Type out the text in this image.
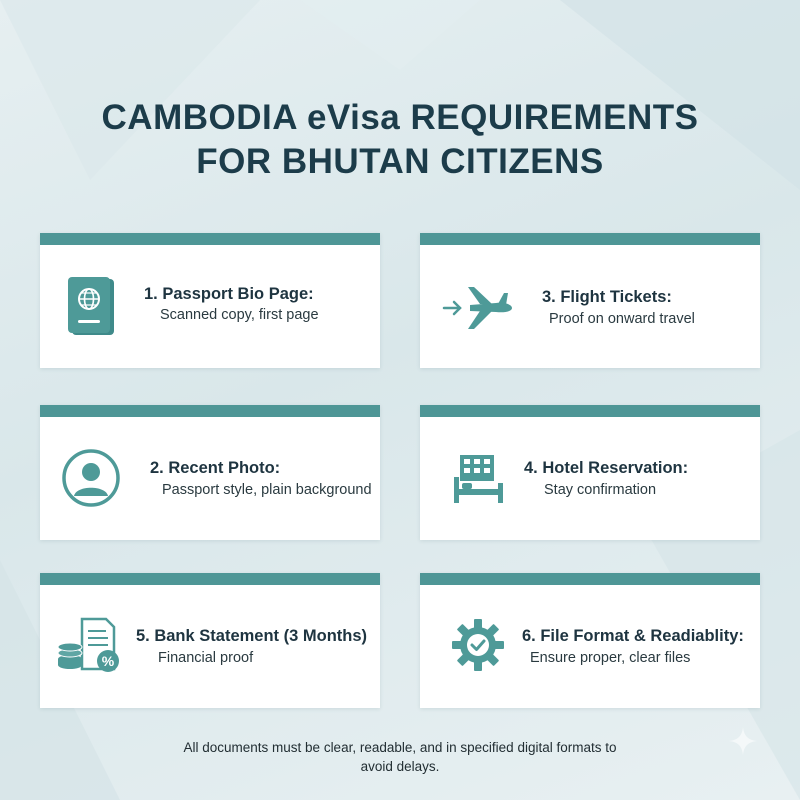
CAMBODIA eVisa REQUIREMENTS
FOR BHUTAN CITIZENS
1. Passport Bio Page:
Scanned copy, first page
3. Flight Tickets:
Proof on onward travel
2. Recent Photo:
Passport style, plain background
4. Hotel Reservation:
Stay confirmation
%
5. Bank Statement (3 Months)
Financial proof
6. File Format & Readiablity:
Ensure proper, clear files
All documents must be clear, readable, and in specified digital formats to
avoid delays.
